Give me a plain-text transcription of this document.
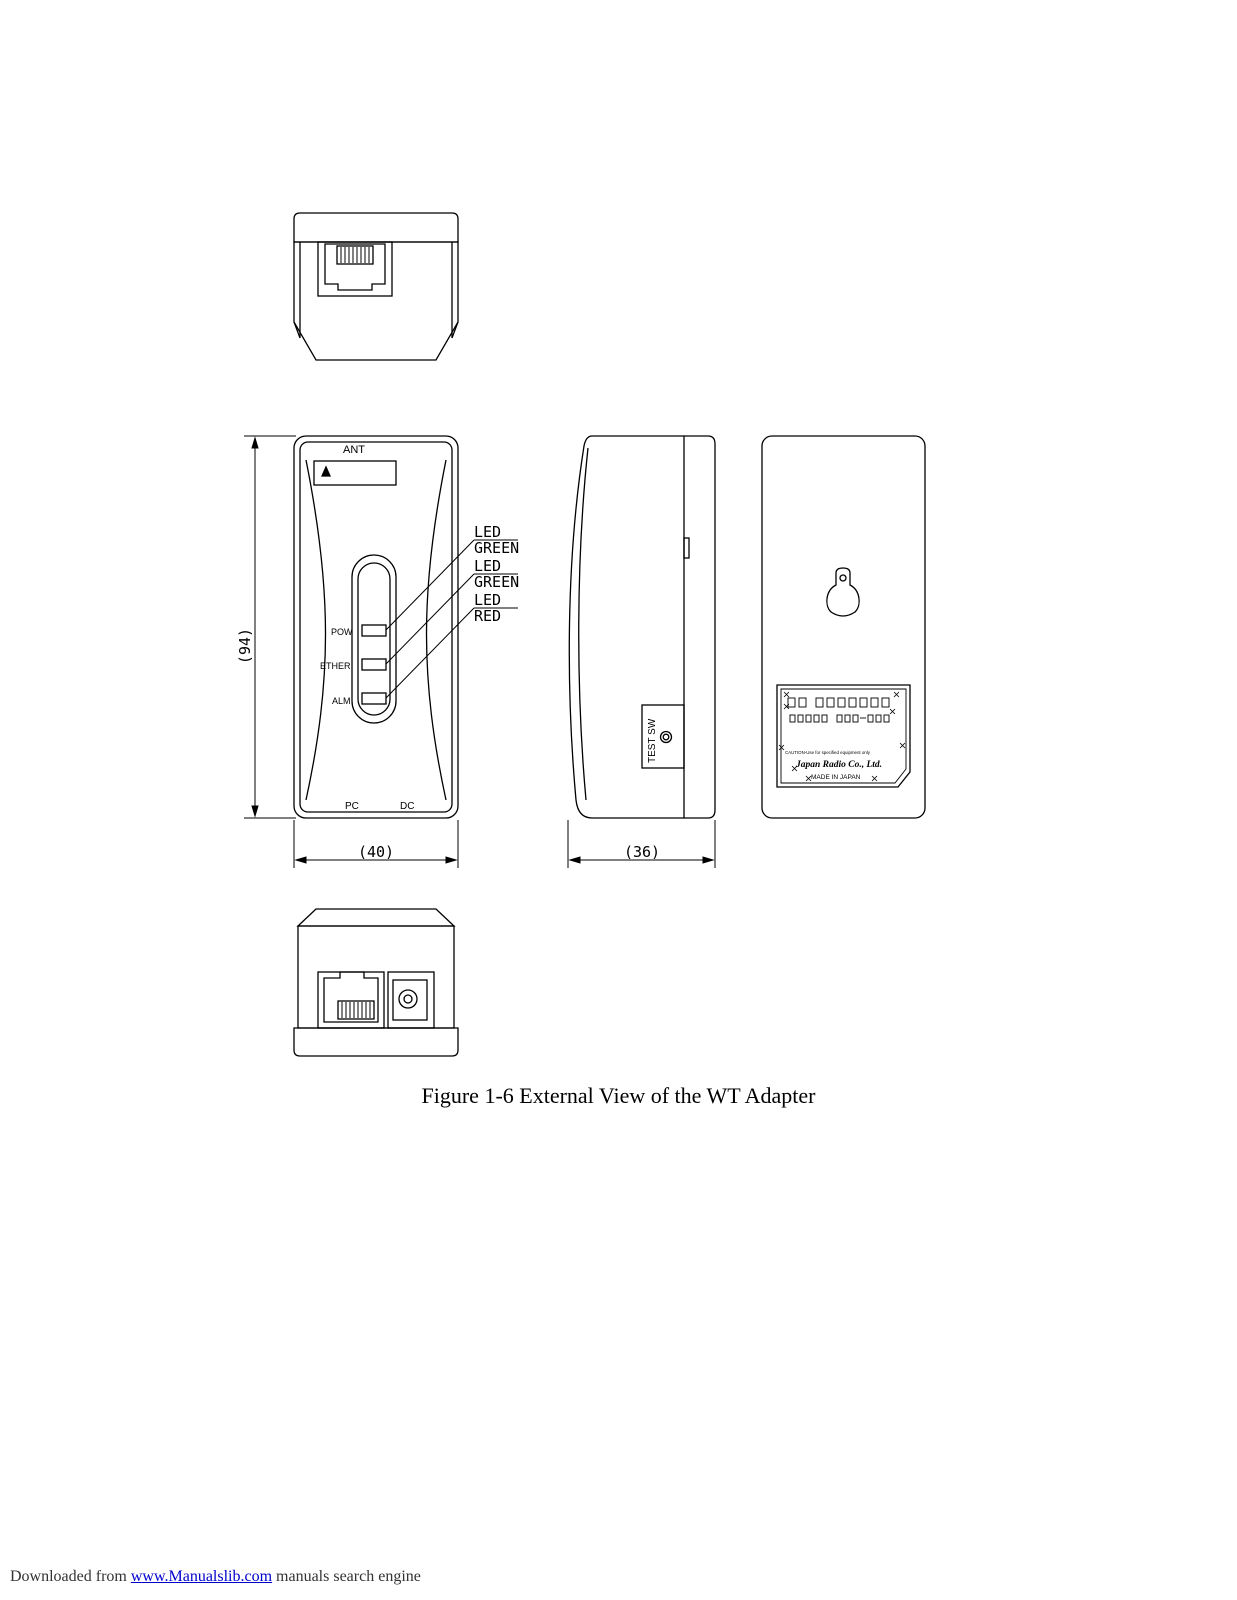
ANT
POW
ETHER
ALM
LED
GREEN
LED
GREEN
LED
RED
PC	DC
(94)
(40)	(36)
TEST SW	CAUTION-Use for specified equipment only
Japan Radio Co., Ltd.
MADE IN JAPAN
Figure 1-6 External View of the WT Adapter
Downloaded from www.Manualslib.com manuals search engine
